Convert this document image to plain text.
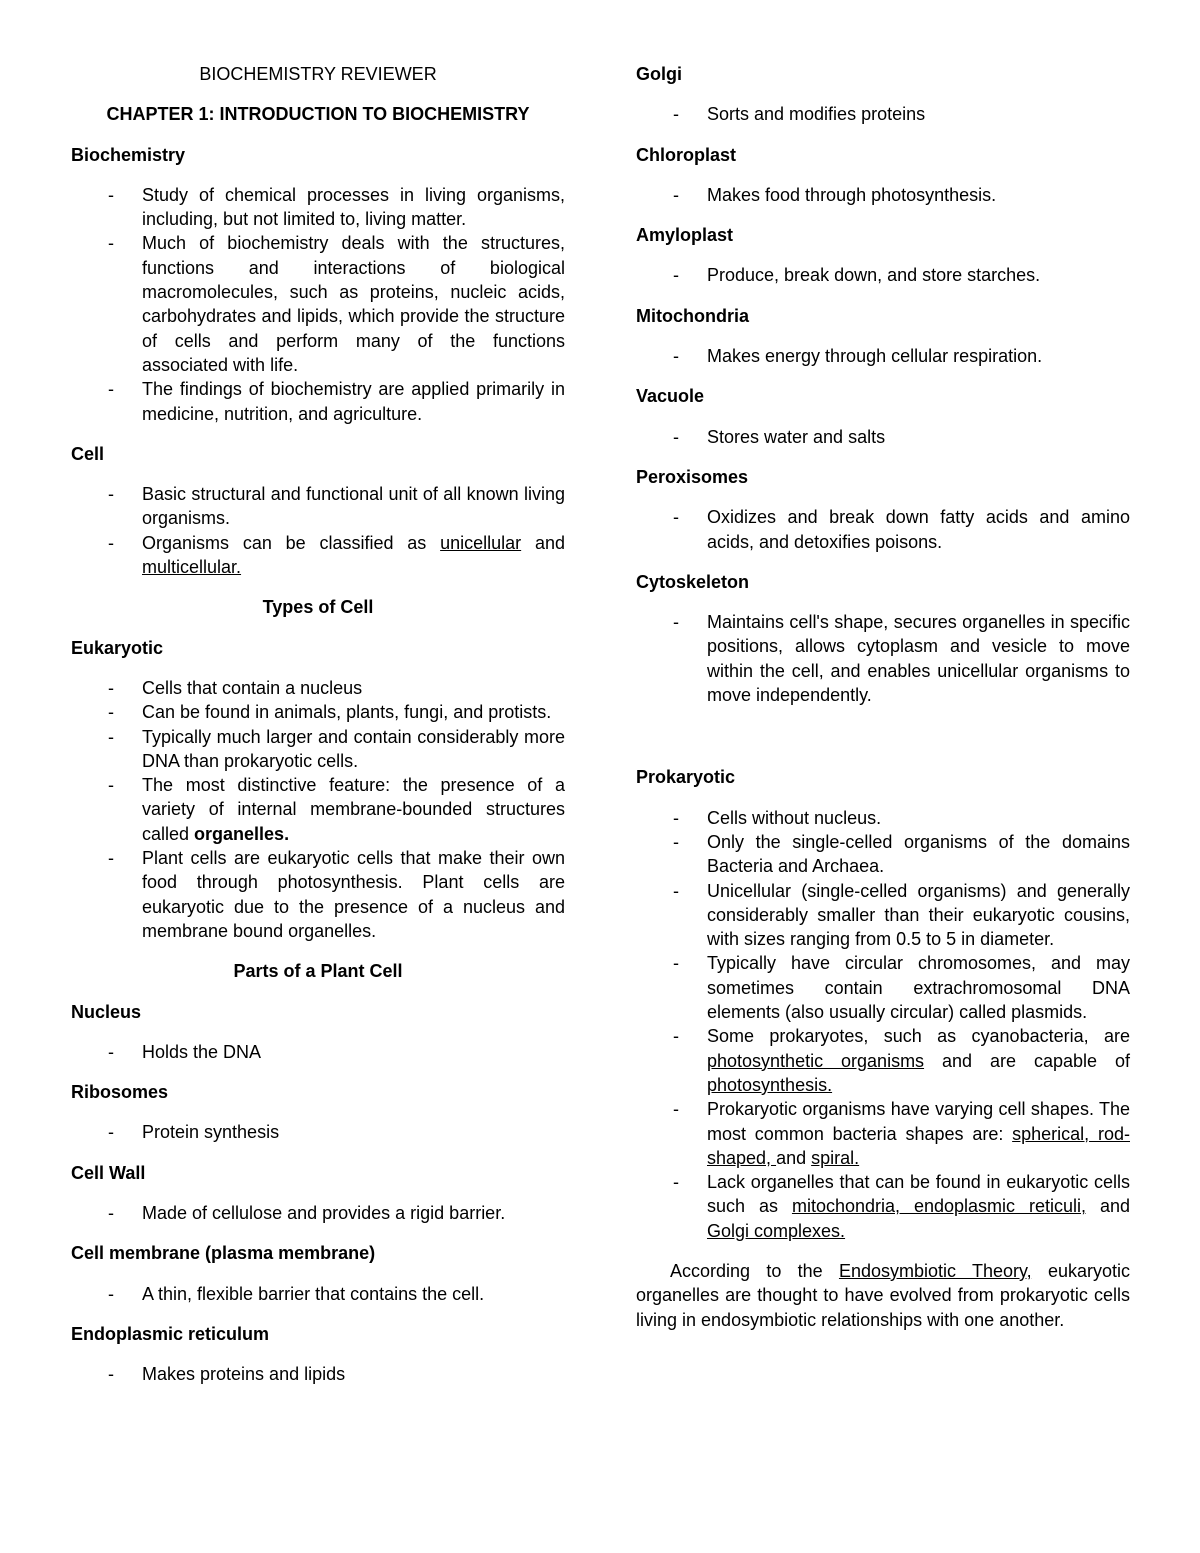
BIOCHEMISTRY REVIEWER
CHAPTER 1: INTRODUCTION TO BIOCHEMISTRY
Biochemistry
- Study of chemical processes in living organisms, including, but not limited to, living matter.
- Much of biochemistry deals with the structures, functions and interactions of biological macromolecules, such as proteins, nucleic acids, carbohydrates and lipids, which provide the structure of cells and perform many of the functions associated with life.
- The findings of biochemistry are applied primarily in medicine, nutrition, and agriculture.
Cell
- Basic structural and functional unit of all known living organisms.
- Organisms can be classified as unicellular and multicellular.
Types of Cell
Eukaryotic
- Cells that contain a nucleus
- Can be found in animals, plants, fungi, and protists.
- Typically much larger and contain considerably more DNA than prokaryotic cells.
- The most distinctive feature: the presence of a variety of internal membrane-bounded structures called organelles.
- Plant cells are eukaryotic cells that make their own food through photosynthesis. Plant cells are eukaryotic due to the presence of a nucleus and membrane bound organelles.
Parts of a Plant Cell
Nucleus
- Holds the DNA
Ribosomes
- Protein synthesis
Cell Wall
- Made of cellulose and provides a rigid barrier.
Cell membrane (plasma membrane)
- A thin, flexible barrier that contains the cell.
Endoplasmic reticulum
- Makes proteins and lipids
Golgi
- Sorts and modifies proteins
Chloroplast
- Makes food through photosynthesis.
Amyloplast
- Produce, break down, and store starches.
Mitochondria
- Makes energy through cellular respiration.
Vacuole
- Stores water and salts
Peroxisomes
- Oxidizes and break down fatty acids and amino acids, and detoxifies poisons.
Cytoskeleton
- Maintains cell's shape, secures organelles in specific positions, allows cytoplasm and vesicle to move within the cell, and enables unicellular organisms to move independently.
Prokaryotic
- Cells without nucleus.
- Only the single-celled organisms of the domains Bacteria and Archaea.
- Unicellular (single-celled organisms) and generally considerably smaller than their eukaryotic cousins, with sizes ranging from 0.5 to 5 in diameter.
- Typically have circular chromosomes, and may sometimes contain extrachromosomal DNA elements (also usually circular) called plasmids.
- Some prokaryotes, such as cyanobacteria, are photosynthetic organisms and are capable of photosynthesis.
- Prokaryotic organisms have varying cell shapes. The most common bacteria shapes are: spherical, rod-shaped, and spiral.
- Lack organelles that can be found in eukaryotic cells such as mitochondria, endoplasmic reticuli, and Golgi complexes.
According to the Endosymbiotic Theory, eukaryotic organelles are thought to have evolved from prokaryotic cells living in endosymbiotic relationships with one another.
